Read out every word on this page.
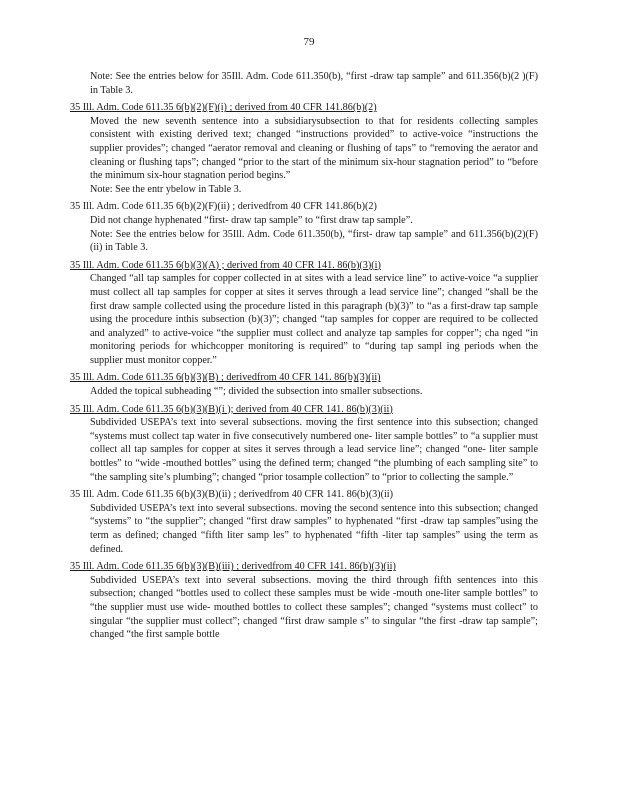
79
Note: See the entries below for 35Ill. Adm. Code 611.350(b), “first -draw tap sample” and 611.356(b)(2 )(F) in Table 3.
35 Ill. Adm. Code 611.35 6(b)(2)(F)(i) ; derived from 40 CFR 141.86(b)(2)
Moved the new seventh sentence into a subsidiarysubsection to that for residents collecting samples consistent with existing derived text; changed “instructions provided” to active-voice “instructions the supplier provides”; changed “aerator removal and cleaning or flushing of taps” to “removing the aerator and cleaning or flushing taps”; changed “prior to the start of the minimum six-hour stagnation period” to “before the minimum six-hour stagnation period begins.”
Note: See the entr ybelow in Table 3.
35 Ill. Adm. Code 611.35 6(b)(2)(F)(ii) ; derivedfrom 40 CFR 141.86(b)(2)
Did not change hyphenated “first- draw tap sample” to “first draw tap sample”.
Note: See the entries below for 35Ill. Adm. Code 611.350(b), “first- draw tap sample” and 611.356(b)(2)(F)(ii) in Table 3.
35 Ill. Adm. Code 611.35 6(b)(3)(A) ; derived from 40 CFR 141. 86(b)(3)(i)
Changed “all tap samples for copper collected in at sites with a lead service line” to active-voice “a supplier must collect all tap samples for copper at sites it serves through a lead service line”; changed “shall be the first draw sample collected using the procedure listed in this paragraph (b)(3)” to “as a first-draw tap sample using the procedure inthis subsection (b)(3)”; changed “tap samples for copper are required to be collected and analyzed” to active-voice “the supplier must collect and analyze tap samples for copper”; cha nged “in monitoring periods for whichcopper monitoring is required” to “during tap sampl ing periods when the supplier must monitor copper.”
35 Ill. Adm. Code 611.35 6(b)(3)(B) ; derivedfrom 40 CFR 141. 86(b)(3)(ii)
Added the topical subheading “”; divided the subsection into smaller subsections.
35 Ill. Adm. Code 611.35 6(b)(3)(B)(i ); derived from 40 CFR 141. 86(b)(3)(ii)
Subdivided USEPA’s text into several subsections. moving the first sentence into this subsection; changed “systems must collect tap water in five consecutively numbered one- liter sample bottles” to “a supplier must collect all tap samples for copper at sites it serves through a lead service line”; changed “one- liter sample bottles” to “wide -mouthed bottles” using the defined term; changed “the plumbing of each sampling site” to “the sampling site’s plumbing”; changed “prior tosample collection” to “prior to collecting the sample.”
35 Ill. Adm. Code 611.35 6(b)(3)(B)(ii) ; derivedfrom 40 CFR 141. 86(b)(3)(ii)
Subdivided USEPA’s text into several subsections. moving the second sentence into this subsection; changed “systems” to “the supplier”; changed “first draw samples” to hyphenated “first -draw tap samples”using the term as defined; changed “fifth liter samp les” to hyphenated “fifth -liter tap samples” using the term as defined.
35 Ill. Adm. Code 611.35 6(b)(3)(B)(iii) ; derivedfrom 40 CFR 141. 86(b)(3)(ii)
Subdivided USEPA’s text into several subsections. moving the third through fifth sentences into this subsection; changed “bottles used to collect these samples must be wide -mouth one-liter sample bottles” to “the supplier must use wide- mouthed bottles to collect these samples”; changed “systems must collect” to singular “the supplier must collect”; changed “first draw sample s” to singular “the first -draw tap sample”; changed “the first sample bottle
